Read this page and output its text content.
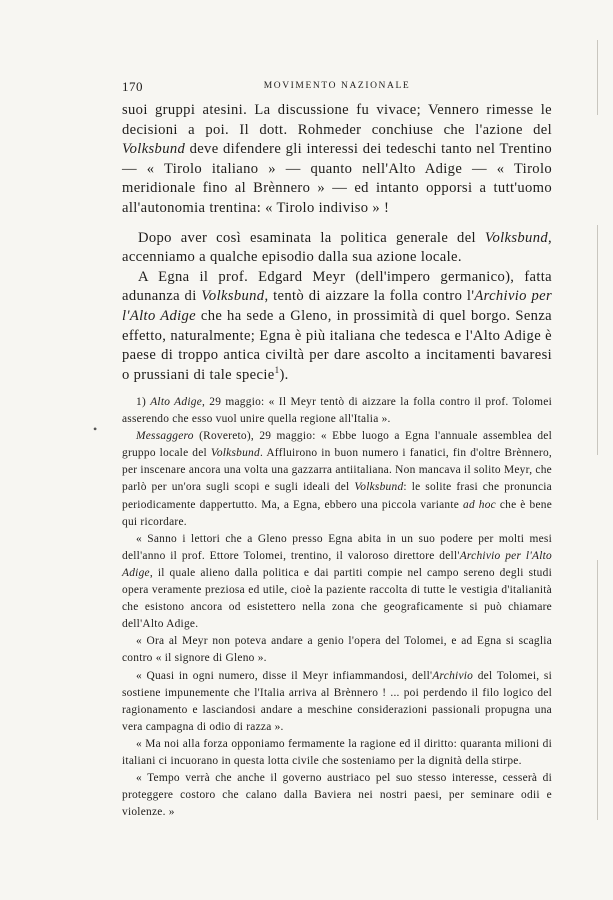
170	MOVIMENTO NAZIONALE
•

suoi gruppi atesini. La discussione fu vivace; Vennero rimesse le decisioni a poi. Il dott. Rohmeder conchiuse che l'azione del Volksbund deve difendere gli interessi dei tedeschi tanto nel Trentino — « Tirolo italiano » — quanto nell'Alto Adige — « Tirolo meridionale fino al Brènnero » — ed intanto opporsi a tutt'uomo all'autonomia trentina: « Tirolo indiviso » !

Dopo aver così esaminata la politica generale del Volksbund, accenniamo a qualche episodio dalla sua azione locale.

A Egna il prof. Edgard Meyr (dell'impero germanico), fatta adunanza di Volksbund, tentò di aizzare la folla contro l'Archivio per l'Alto Adige che ha sede a Gleno, in prossimità di quel borgo. Senza effetto, naturalmente; Egna è più italiana che tedesca e l'Alto Adige è paese di troppo antica civiltà per dare ascolto a incitamenti bavaresi o prussiani di tale specie$^1$).

1) Alto Adige, 29 maggio: « Il Meyr tentò di aizzare la folla contro il prof. Tolomei asserendo che esso vuol unire quella regione all'Italia ».

Messaggero (Rovereto), 29 maggio: « Ebbe luogo a Egna l'annuale assemblea del gruppo locale del Volksbund. Affluirono in buon numero i fanatici, fin d'oltre Brènnero, per inscenare ancora una volta una gazzarra antiitaliana. Non mancava il solito Meyr, che parlò per un'ora sugli scopi e sugli ideali del Volksbund: le solite frasi che pronuncia periodicamente dappertutto. Ma, a Egna, ebbero una piccola variante ad hoc che è bene qui ricordare.

« Sanno i lettori che a Gleno presso Egna abita in un suo podere per molti mesi dell'anno il prof. Ettore Tolomei, trentino, il valoroso direttore dell'Archivio per l'Alto Adige, il quale alieno dalla politica e dai partiti compie nel campo sereno degli studi opera veramente preziosa ed utile, cioè la paziente raccolta di tutte le vestigia d'italianità che esistono ancora od esistettero nella zona che geograficamente si può chiamare dell'Alto Adige.

« Ora al Meyr non poteva andare a genio l'opera del Tolomei, e ad Egna si scaglia contro « il signore di Gleno ».

« Quasi in ogni numero, disse il Meyr infiammandosi, dell'Archivio del Tolomei, si sostiene impunemente che l'Italia arriva al Brènnero ! ... poi perdendo il filo logico del ragionamento e lasciandosi andare a meschine considerazioni passionali propugna una vera campagna di odio di razza ».

« Ma noi alla forza opponiamo fermamente la ragione ed il diritto: quaranta milioni di italiani ci incuorano in questa lotta civile che sosteniamo per la dignità della stirpe.

« Tempo verrà che anche il governo austriaco pel suo stesso interesse, cesserà di proteggere costoro che calano dalla Baviera nei nostri paesi, per seminare odii e violenze. »
